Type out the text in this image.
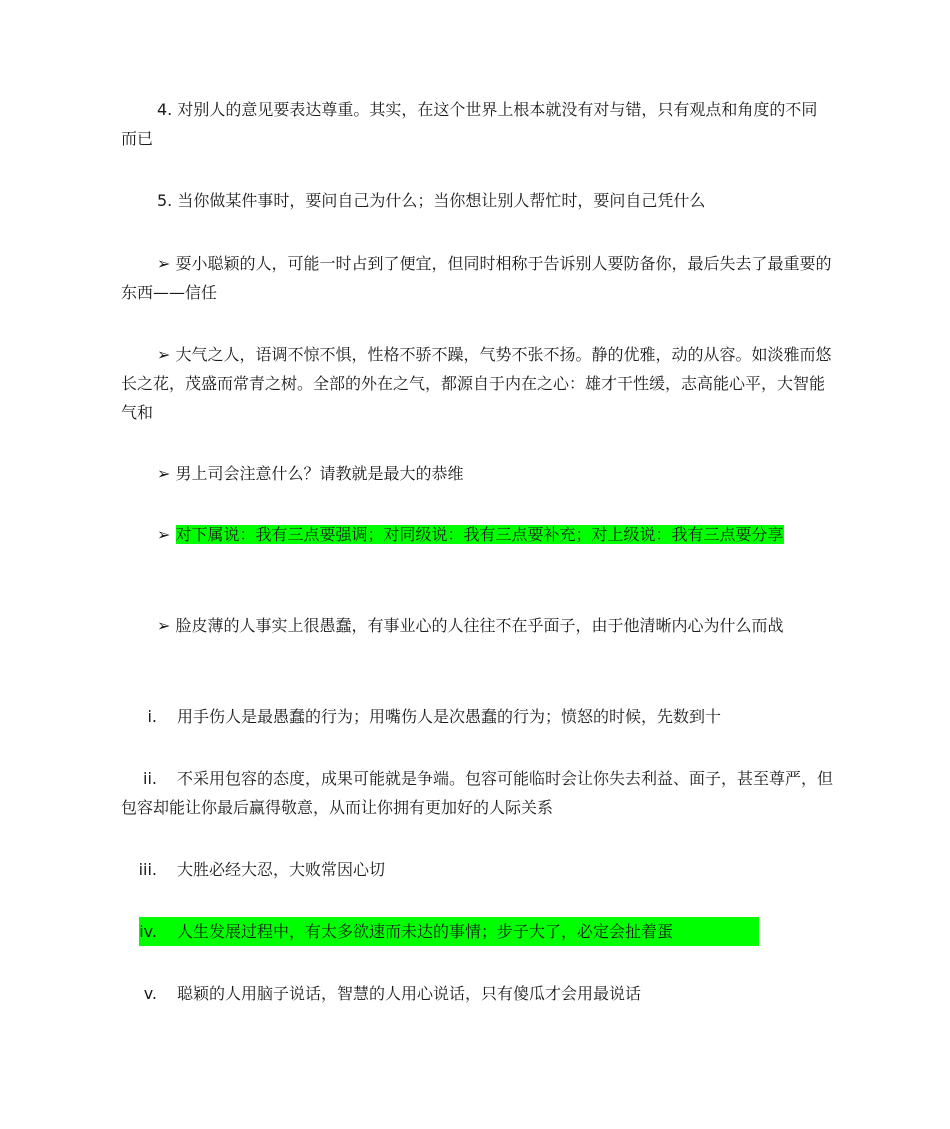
4. 对别人的意见要表达尊重。其实，在这个世界上根本就没有对与错，只有观点和角度的不同而已

5. 当你做某件事时，要问自己为什么；当你想让别人帮忙时，要问自己凭什么

➢ 耍小聪颖的人，可能一时占到了便宜，但同时相称于告诉别人要防备你，最后失去了最重要的东西——信任

➢ 大气之人，语调不惊不惧，性格不骄不躁，气势不张不扬。静的优雅，动的从容。如淡雅而悠长之花，茂盛而常青之树。全部的外在之气，都源自于内在之心：雄才干性缓，志高能心平，大智能气和

➢ 男上司会注意什么？请教就是最大的恭维

➢ 对下属说：我有三点要强调；对同级说：我有三点要补充；对上级说：我有三点要分享

➢ 脸皮薄的人事实上很愚蠢，有事业心的人往往不在乎面子，由于他清晰内心为什么而战

i.	用手伤人是最愚蠢的行为；用嘴伤人是次愚蠢的行为；愤怒的时候，先数到十
ii.	不采用包容的态度，成果可能就是争端。包容可能临时会让你失去利益、面子，甚至尊严，但包容却能让你最后赢得敬意，从而让你拥有更加好的人际关系

iii.	大胜必经大忍，大败常因心切
iv.	人生发展过程中，有太多欲速而未达的事情；步子大了，必定会扯着蛋
v.	聪颖的人用脑子说话，智慧的人用心说话，只有傻瓜才会用最说话
